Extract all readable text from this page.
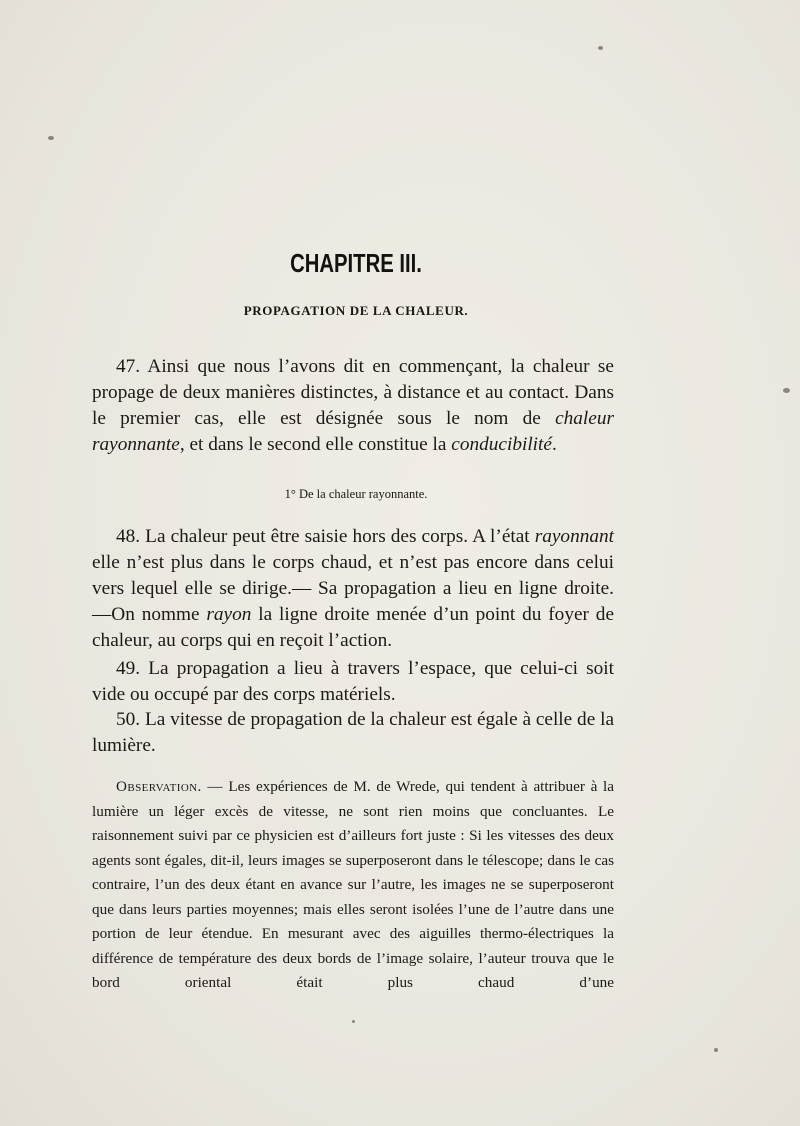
CHAPITRE III.
PROPAGATION DE LA CHALEUR.
47. Ainsi que nous l’avons dit en commençant, la chaleur se propage de deux manières distinctes, à distance et au contact. Dans le premier cas, elle est désignée sous le nom de chaleur rayonnante, et dans le second elle constitue la conducibilité.
1° De la chaleur rayonnante.
48. La chaleur peut être saisie hors des corps. A l’état rayonnant elle n’est plus dans le corps chaud, et n’est pas encore dans celui vers lequel elle se dirige.— Sa propagation a lieu en ligne droite. —On nomme rayon la ligne droite menée d’un point du foyer de chaleur, au corps qui en reçoit l’action.
49. La propagation a lieu à travers l’espace, que celui-ci soit vide ou occupé par des corps matériels.
50. La vitesse de propagation de la chaleur est égale à celle de la lumière.
Observation. — Les expériences de M. de Wrede, qui tendent à attribuer à la lumière un léger excès de vitesse, ne sont rien moins que concluantes. Le raisonnement suivi par ce physicien est d’ailleurs fort juste : Si les vitesses des deux agents sont égales, dit-il, leurs images se superposeront dans le télescope; dans le cas contraire, l’un des deux étant en avance sur l’autre, les images ne se superposeront que dans leurs parties moyennes; mais elles seront isolées l’une de l’autre dans une portion de leur étendue. En mesurant avec des aiguilles thermo-électriques la différence de température des deux bords de l’image solaire, l’auteur trouva que le bord oriental était plus chaud d’une
